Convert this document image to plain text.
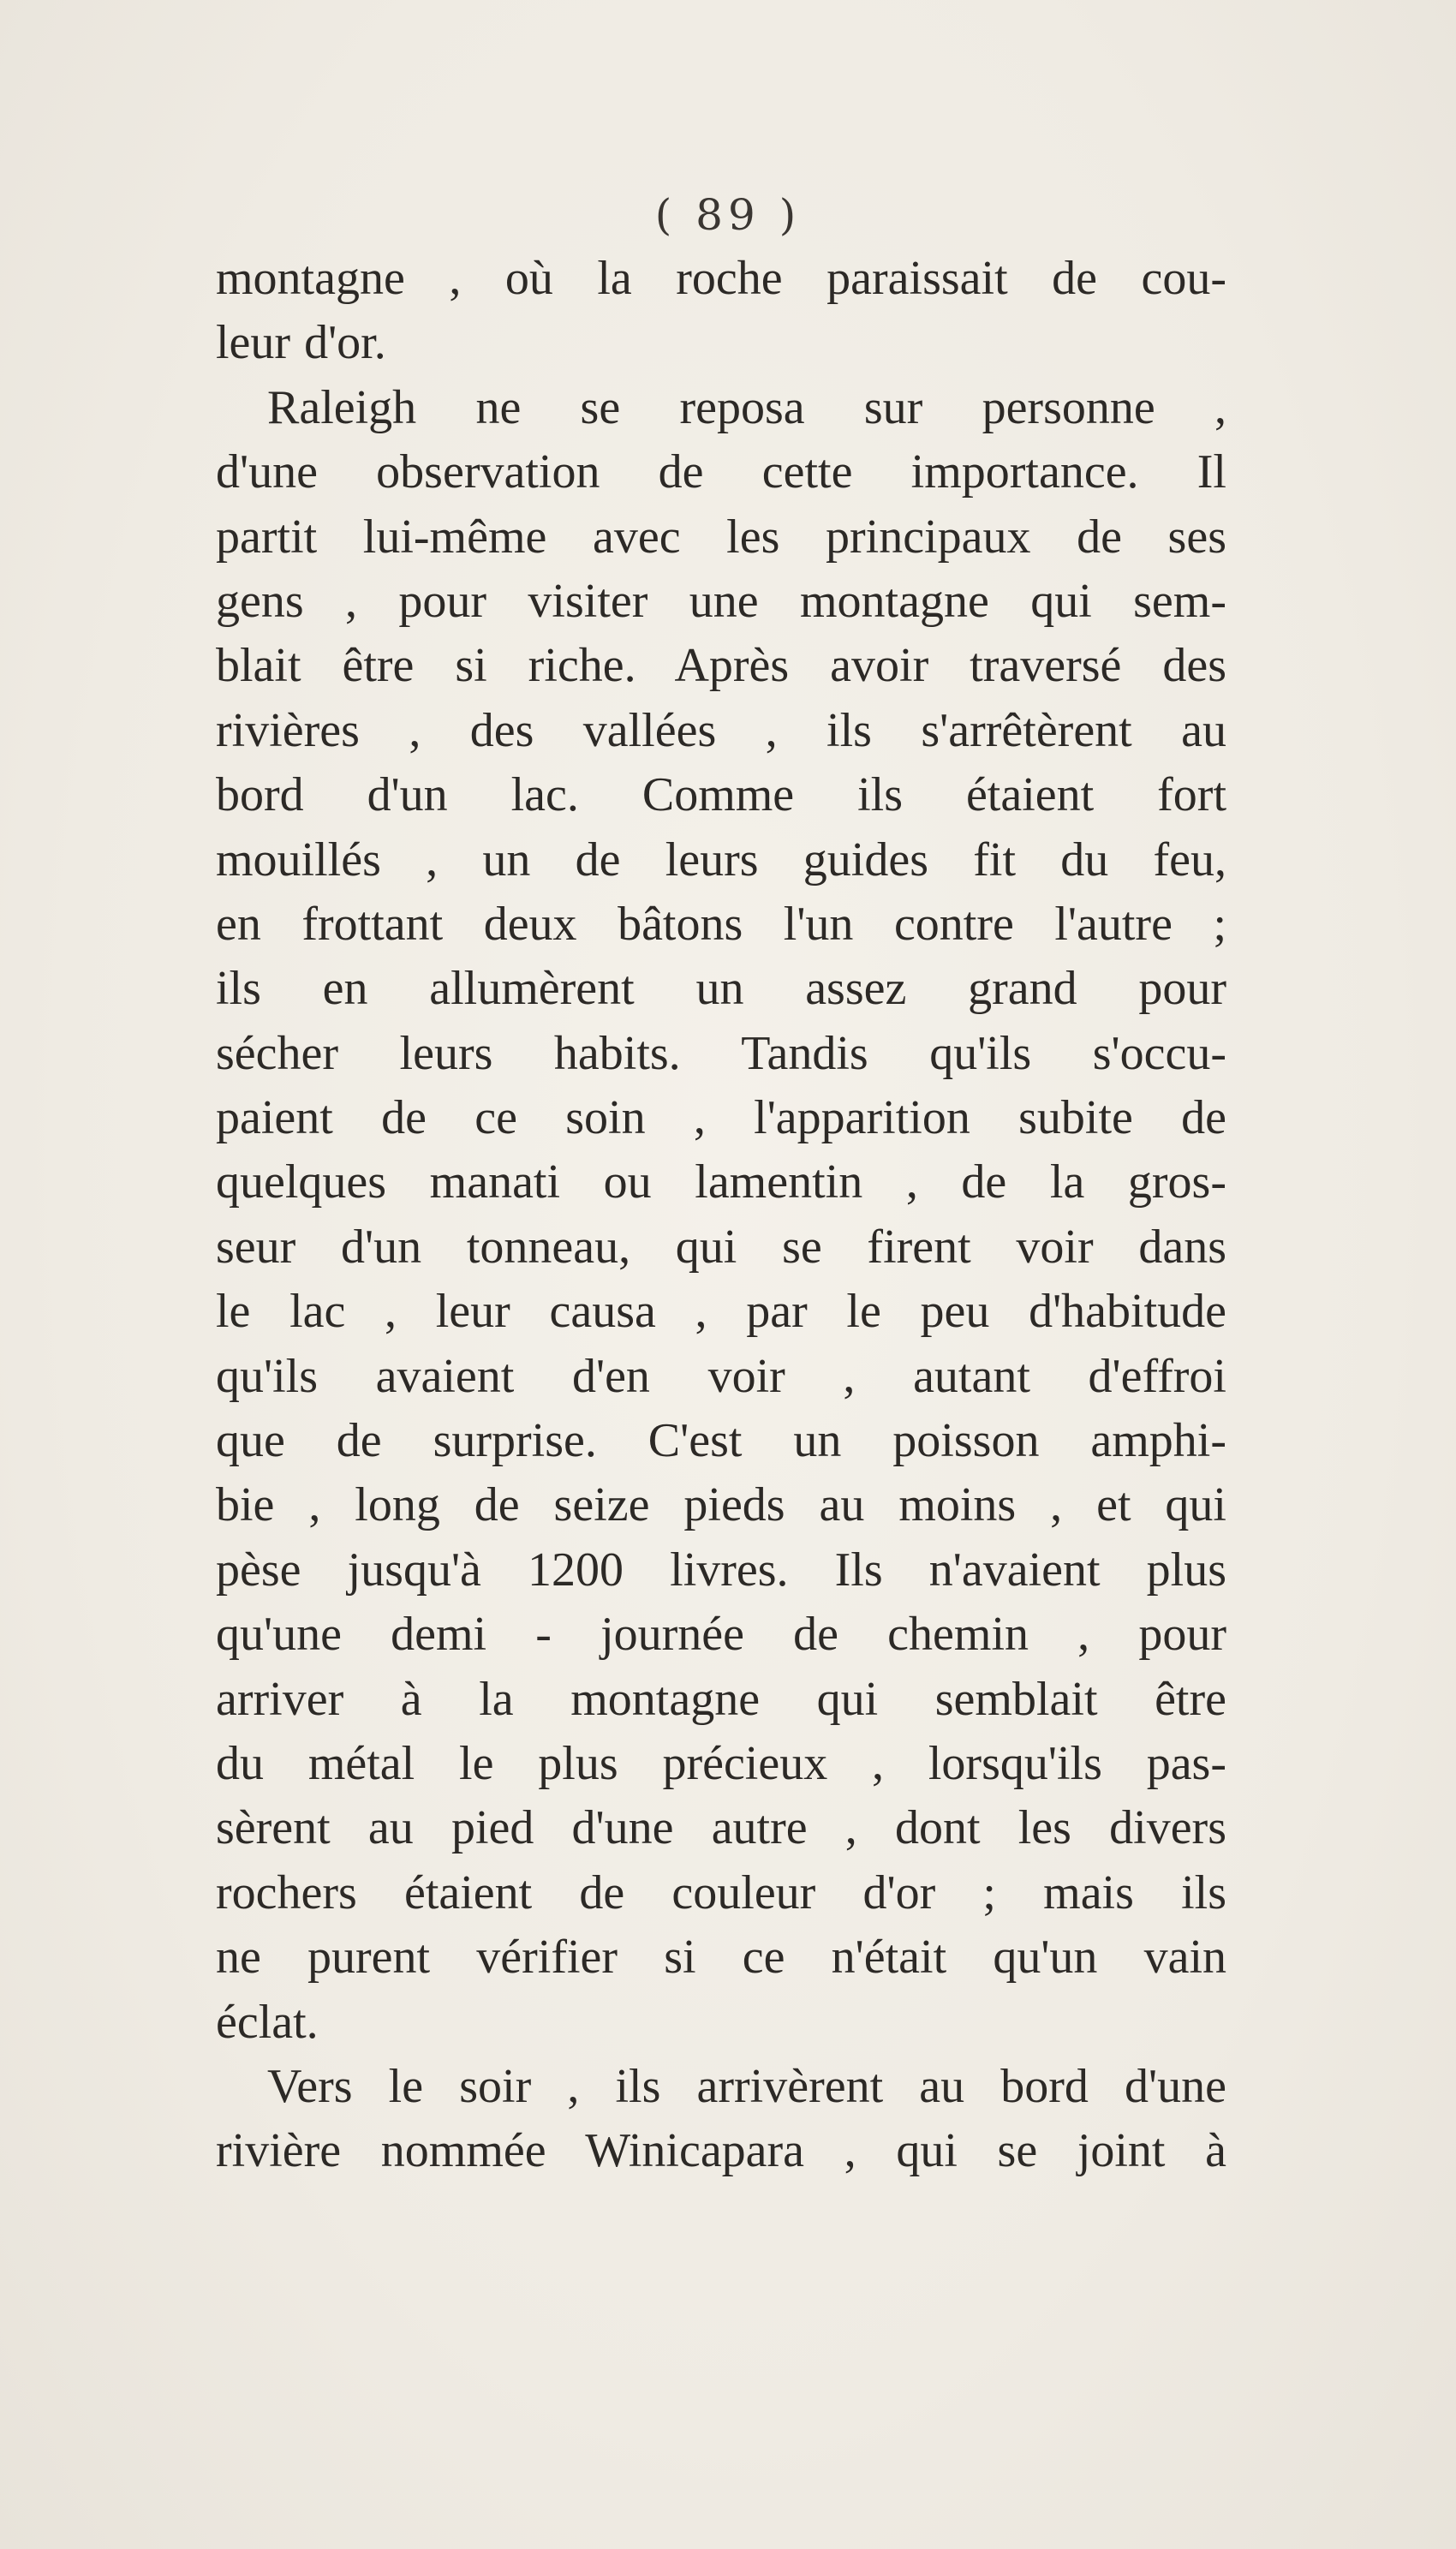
( 89 )
montagne , où la roche paraissait de cou-
leur d'or.
Raleigh ne se reposa sur personne ,
d'une observation de cette importance. Il
partit lui-même avec les principaux de ses
gens , pour visiter une montagne qui sem-
blait être si riche. Après avoir traversé des
rivières , des vallées , ils s'arrêtèrent au
bord d'un lac. Comme ils étaient fort
mouillés , un de leurs guides fit du feu,
en frottant deux bâtons l'un contre l'autre ;
ils en allumèrent un assez grand pour
sécher leurs habits. Tandis qu'ils s'occu-
paient de ce soin , l'apparition subite de
quelques manati ou lamentin , de la gros-
seur d'un tonneau, qui se firent voir dans
le lac , leur causa , par le peu d'habitude
qu'ils avaient d'en voir , autant d'effroi
que de surprise. C'est un poisson amphi-
bie , long de seize pieds au moins , et qui
pèse jusqu'à 1200 livres. Ils n'avaient plus
qu'une demi - journée de chemin , pour
arriver à la montagne qui semblait être
du métal le plus précieux , lorsqu'ils pas-
sèrent au pied d'une autre , dont les divers
rochers étaient de couleur d'or ; mais ils
ne purent vérifier si ce n'était qu'un vain
éclat.
Vers le soir , ils arrivèrent au bord d'une
rivière nommée Winicapara , qui se joint à
